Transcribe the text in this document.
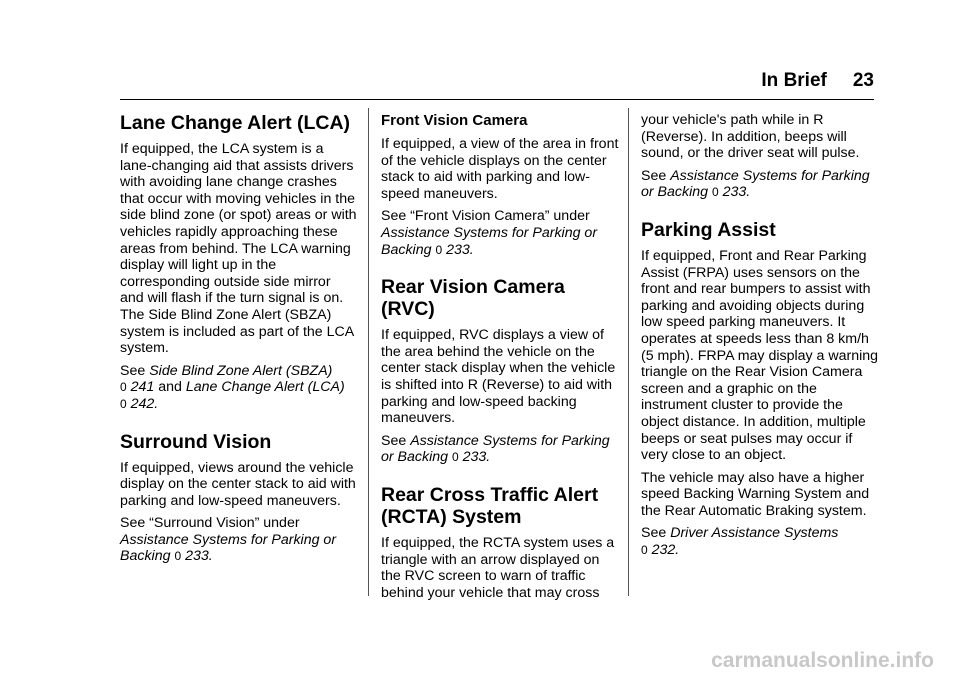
In Brief 23
Lane Change Alert (LCA)

If equipped, the LCA system is a lane-changing aid that assists drivers with avoiding lane change crashes that occur with moving vehicles in the side blind zone (or spot) areas or with vehicles rapidly approaching these areas from behind. The LCA warning display will light up in the corresponding outside side mirror and will flash if the turn signal is on. The Side Blind Zone Alert (SBZA) system is included as part of the LCA system.

See Side Blind Zone Alert (SBZA)
0 241 and Lane Change Alert (LCA)
0 242.

Surround Vision

If equipped, views around the vehicle display on the center stack to aid with parking and low-speed maneuvers.

See “Surround Vision” under
Assistance Systems for Parking or Backing 0 233.

Front Vision Camera

If equipped, a view of the area in front of the vehicle displays on the center stack to aid with parking and low-speed maneuvers.

See “Front Vision Camera” under
Assistance Systems for Parking or Backing 0 233.

Rear Vision Camera (RVC)

If equipped, RVC displays a view of the area behind the vehicle on the center stack display when the vehicle is shifted into R (Reverse) to aid with parking and low-speed backing maneuvers.

See Assistance Systems for Parking or Backing 0 233.

Rear Cross Traffic Alert (RCTA) System

If equipped, the RCTA system uses a triangle with an arrow displayed on the RVC screen to warn of traffic behind your vehicle that may cross

your vehicle's path while in R (Reverse). In addition, beeps will sound, or the driver seat will pulse.

See Assistance Systems for Parking or Backing 0 233.

Parking Assist

If equipped, Front and Rear Parking Assist (FRPA) uses sensors on the front and rear bumpers to assist with parking and avoiding objects during low speed parking maneuvers. It operates at speeds less than 8 km/h (5 mph). FRPA may display a warning triangle on the Rear Vision Camera screen and a graphic on the instrument cluster to provide the object distance. In addition, multiple beeps or seat pulses may occur if very close to an object.

The vehicle may also have a higher speed Backing Warning System and the Rear Automatic Braking system.

See Driver Assistance Systems
0 232.

carmanualsonline.info
